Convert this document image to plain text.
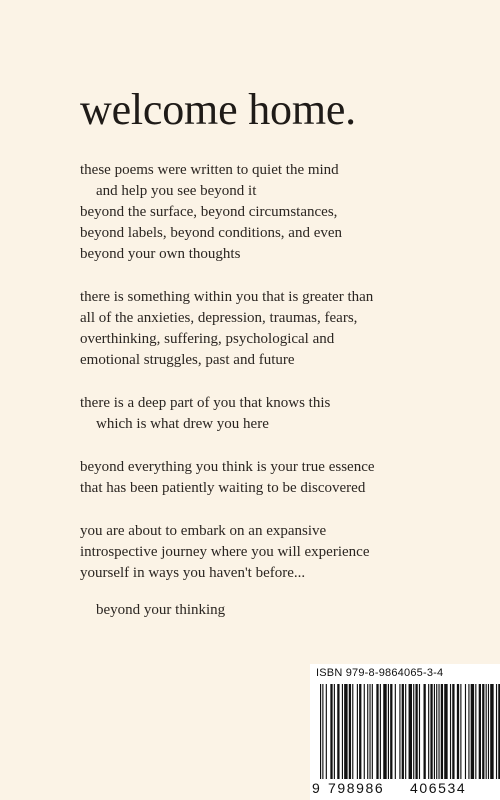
welcome home.
these poems were written to quiet the mind
and help you see beyond it
beyond the surface, beyond circumstances,
beyond labels, beyond conditions, and even
beyond your own thoughts
there is something within you that is greater than
all of the anxieties, depression, traumas, fears,
overthinking, suffering, psychological and
emotional struggles, past and future
there is a deep part of you that knows this
which is what drew you here
beyond everything you think is your true essence
that has been patiently waiting to be discovered
you are about to embark on an expansive
introspective journey where you will experience
yourself in ways you haven't before...
beyond your thinking
ISBN 979-8-9864065-3-4
9 798986 406534
